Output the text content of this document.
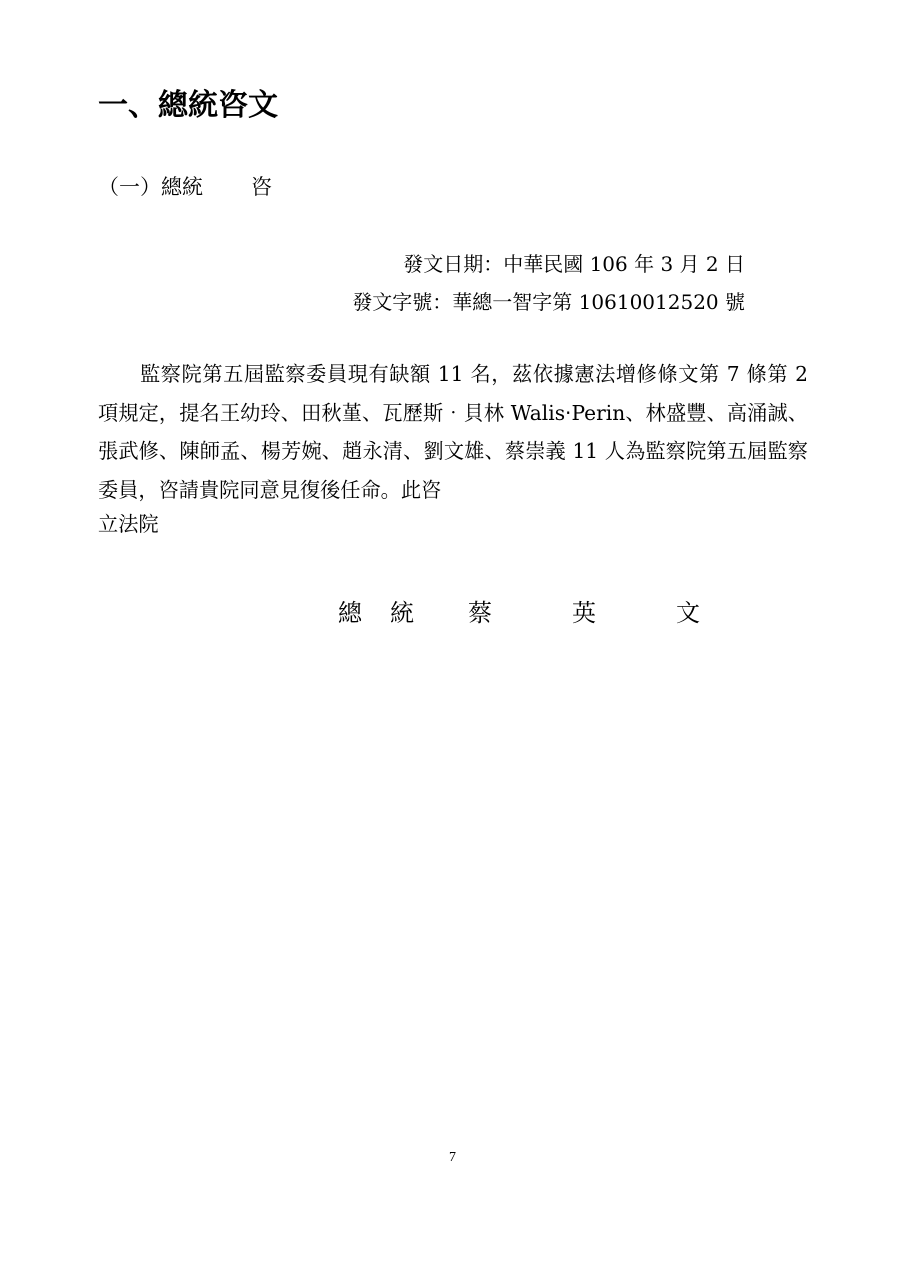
一、總統咨文
（一）總統 咨
發文日期：中華民國 106 年 3 月 2 日
發文字號：華總一智字第 10610012520 號

監察院第五屆監察委員現有缺額 11 名，茲依據憲法增修條文第 7 條第 2 項規定，提名王幼玲、田秋堇、瓦歷斯‧貝林 Walis‧Perin、林盛豐、高涌誠、張武修、陳師孟、楊芳婉、趙永清、劉文雄、蔡崇義 11 人為監察院第五屆監察委員，咨請貴院同意見復後任命。此咨

立法院
總 統 蔡	英	文
7
